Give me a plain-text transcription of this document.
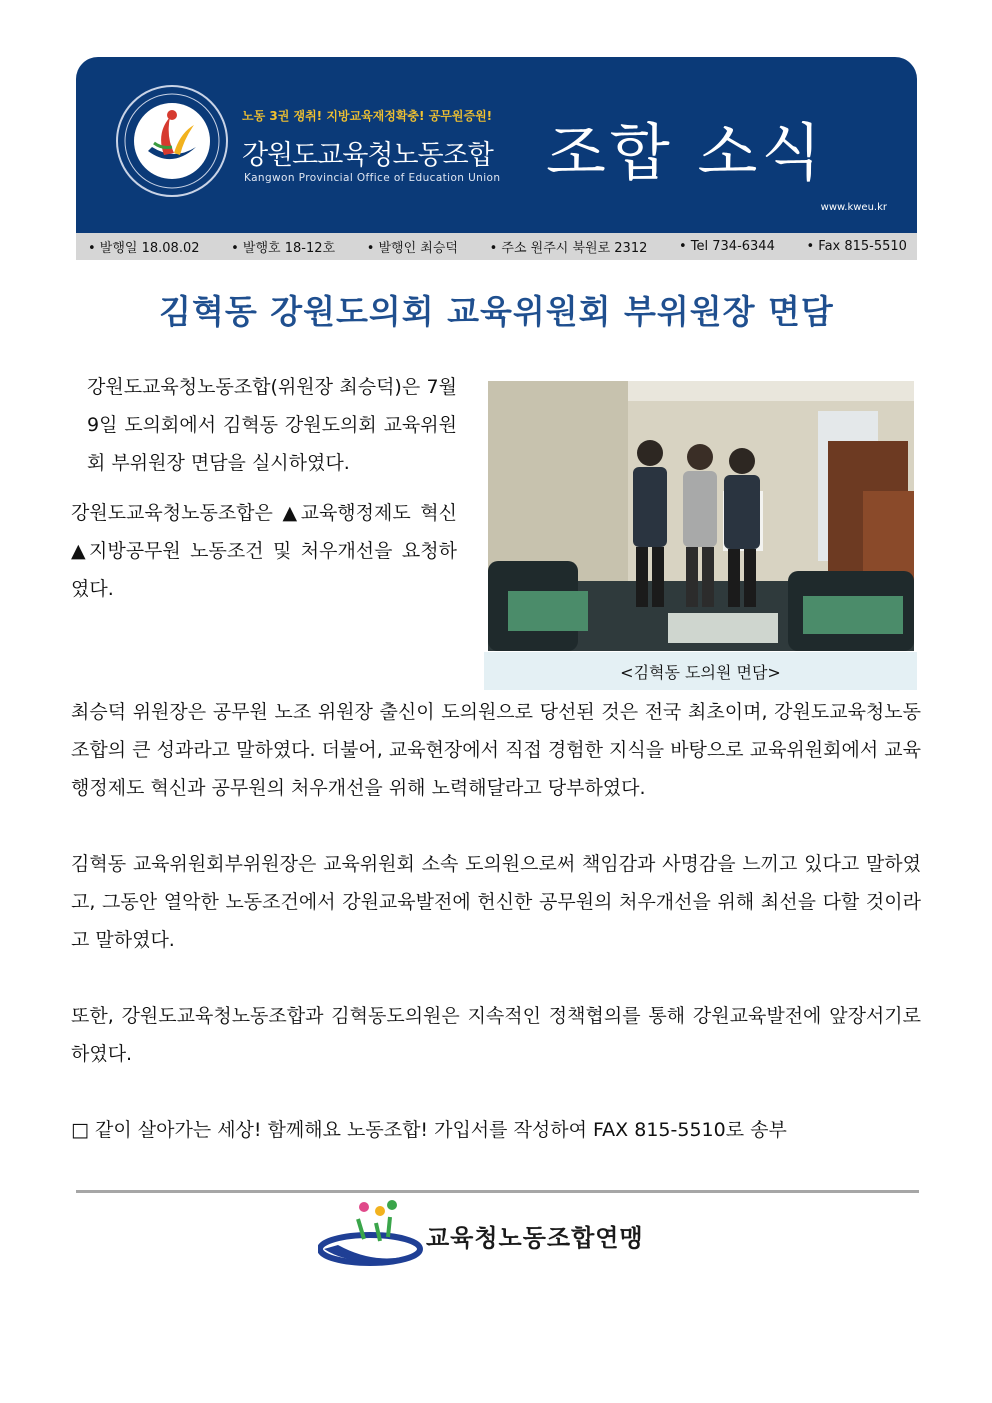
노동 3권 쟁취! 지방교육재정확충! 공무원증원!
강원도교육청노동조합
Kangwon Provincial Office of Education Union 조합 소식
www.kweu.kr
• 발행일 18.08.02 • 발행호 18-12호 • 발행인 최승덕 • 주소 원주시 북원로 2312 • Tel 734-6344 • Fax 815-5510
김혁동 강원도의회 교육위원회 부위원장 면담

강원도교육청노동조합(위원장 최승덕)은 7월 9일 도의회에서 김혁동 강원도의회 교육위원회 부위원장 면담을 실시하였다.

강원도교육청노동조합은 ▲교육행정제도 혁신 ▲지방공무원 노동조건 및 처우개선을 요청하였다.

<김혁동 도의원 면담>

최승덕 위원장은 공무원 노조 위원장 출신이 도의원으로 당선된 것은 전국 최초이며, 강원도교육청노동조합의 큰 성과라고 말하였다. 더불어, 교육현장에서 직접 경험한 지식을 바탕으로 교육위원회에서 교육행정제도 혁신과 공무원의 처우개선을 위해 노력해달라고 당부하였다.

김혁동 교육위원회부위원장은 교육위원회 소속 도의원으로써 책임감과 사명감을 느끼고 있다고 말하였고, 그동안 열악한 노동조건에서 강원교육발전에 헌신한 공무원의 처우개선을 위해 최선을 다할 것이라고 말하였다.

또한, 강원도교육청노동조합과 김혁동도의원은 지속적인 정책협의를 통해 강원교육발전에 앞장서기로 하였다.

□ 같이 살아가는 세상! 함께해요 노동조합! 가입서를 작성하여 FAX 815-5510로 송부

교육청노동조합연맹
